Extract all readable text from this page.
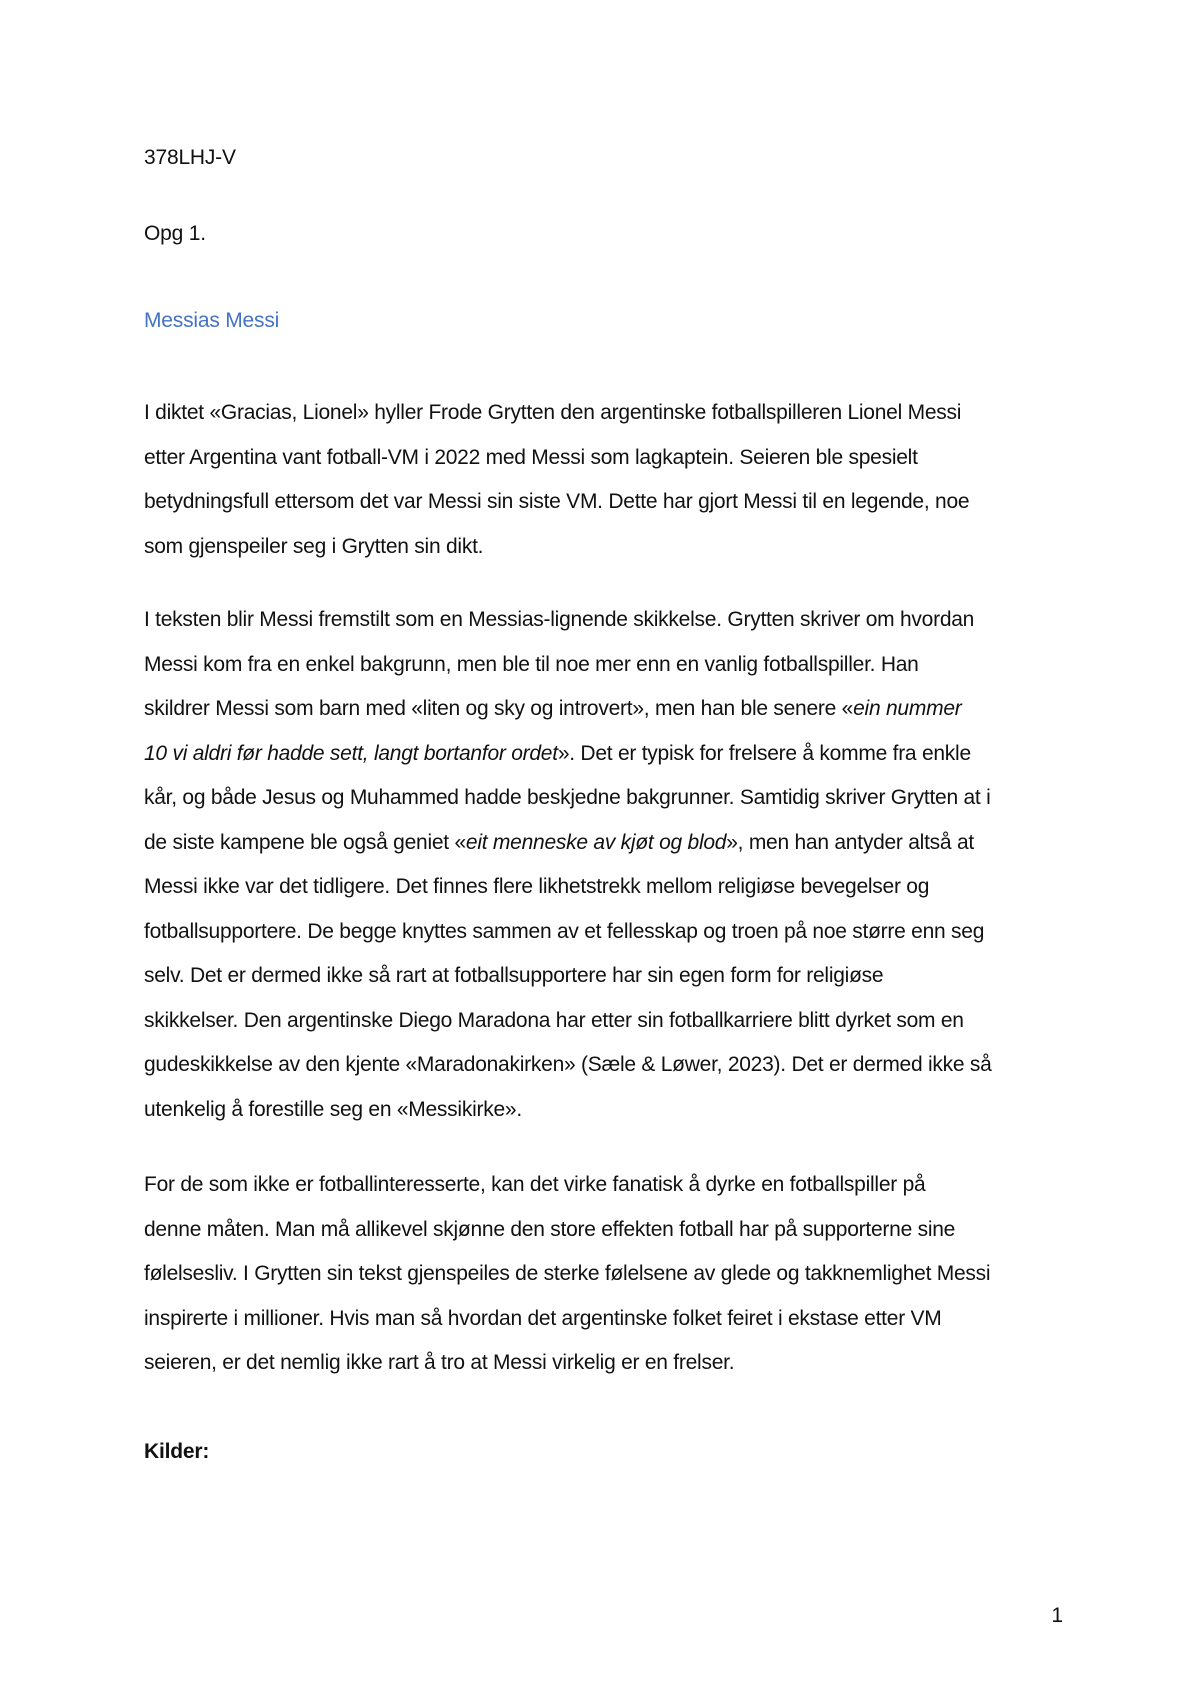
378LHJ-V
Opg 1.
Messias Messi
I diktet «Gracias, Lionel» hyller Frode Grytten den argentinske fotballspilleren Lionel Messi
etter Argentina vant fotball-VM i 2022 med Messi som lagkaptein. Seieren ble spesielt
betydningsfull ettersom det var Messi sin siste VM. Dette har gjort Messi til en legende, noe
som gjenspeiler seg i Grytten sin dikt.
I teksten blir Messi fremstilt som en Messias-lignende skikkelse. Grytten skriver om hvordan
Messi kom fra en enkel bakgrunn, men ble til noe mer enn en vanlig fotballspiller. Han
skildrer Messi som barn med «liten og sky og introvert», men han ble senere «ein nummer
10 vi aldri før hadde sett, langt bortanfor ordet». Det er typisk for frelsere å komme fra enkle
kår, og både Jesus og Muhammed hadde beskjedne bakgrunner. Samtidig skriver Grytten at i
de siste kampene ble også geniet «eit menneske av kjøt og blod», men han antyder altså at
Messi ikke var det tidligere. Det finnes flere likhetstrekk mellom religiøse bevegelser og
fotballsupportere. De begge knyttes sammen av et fellesskap og troen på noe større enn seg
selv. Det er dermed ikke så rart at fotballsupportere har sin egen form for religiøse
skikkelser. Den argentinske Diego Maradona har etter sin fotballkarriere blitt dyrket som en
gudeskikkelse av den kjente «Maradonakirken» (Sæle & Løwer, 2023). Det er dermed ikke så
utenkelig å forestille seg en «Messikirke».
For de som ikke er fotballinteresserte, kan det virke fanatisk å dyrke en fotballspiller på
denne måten. Man må allikevel skjønne den store effekten fotball har på supporterne sine
følelsesliv. I Grytten sin tekst gjenspeiles de sterke følelsene av glede og takknemlighet Messi
inspirerte i millioner. Hvis man så hvordan det argentinske folket feiret i ekstase etter VM
seieren, er det nemlig ikke rart å tro at Messi virkelig er en frelser.
Kilder:
1
